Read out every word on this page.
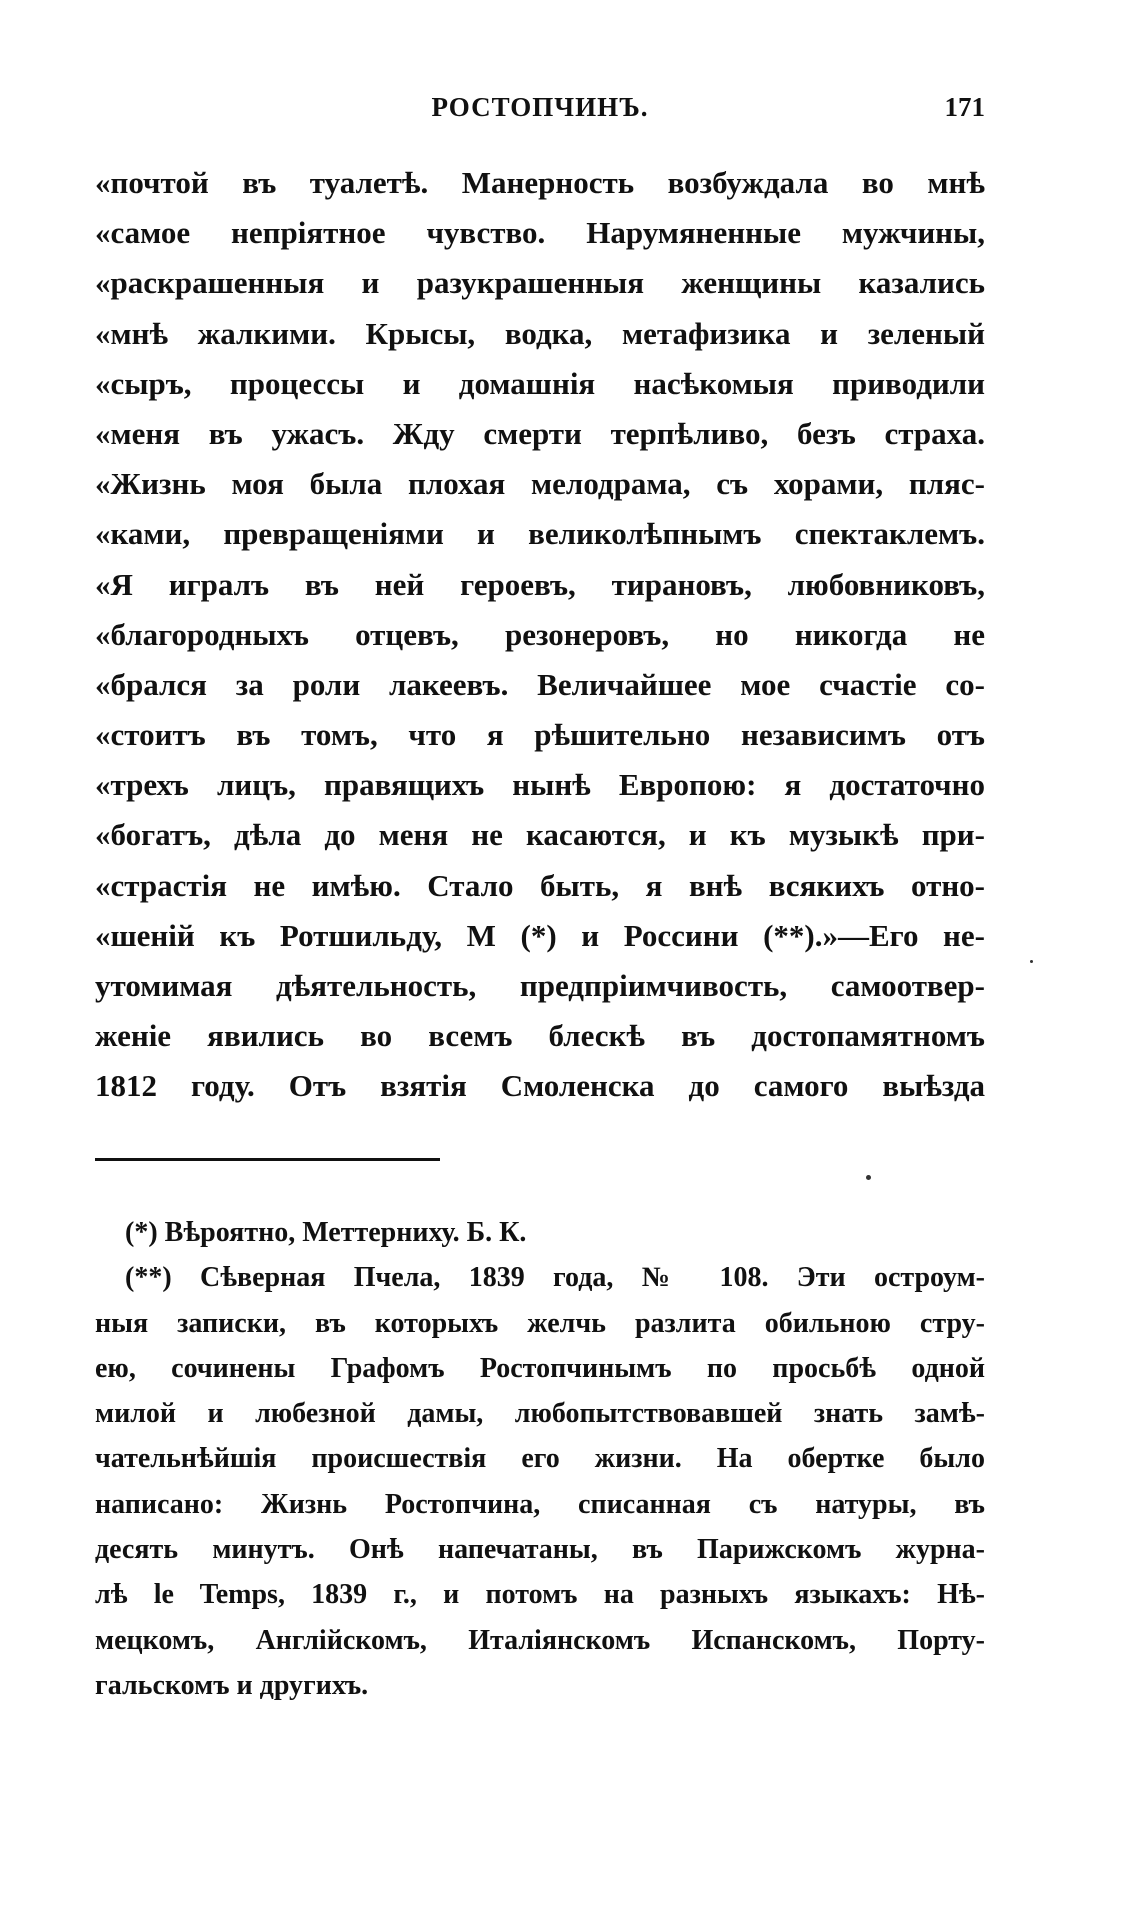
РОСТОПЧИНЪ.	171
«почтой въ туалетѣ. Манерность возбуждала во мнѣ
«самое непріятное чувство. Нарумяненные мужчины,
«раскрашенныя и разукрашенныя женщины казались
«мнѣ жалкими. Крысы, водка, метафизика и зеленый
«сыръ, процессы и домашнія насѣкомыя приводили
«меня въ ужасъ. Жду смерти терпѣливо, безъ страха.
«Жизнь моя была плохая мелодрама, съ хорами, пляс-
«ками, превращеніями и великолѣпнымъ спектаклемъ.
«Я игралъ въ ней героевъ, тирановъ, любовниковъ,
«благородныхъ отцевъ, резонеровъ, но никогда не
«брался за роли лакеевъ. Величайшее мое счастіе со-
«стоитъ въ томъ, что я рѣшительно независимъ отъ
«трехъ лицъ, правящихъ нынѣ Европою: я достаточно
«богатъ, дѣла до меня не касаются, и къ музыкѣ при-
«страстія не имѣю. Стало быть, я внѣ всякихъ отно-
«шеній къ Ротшильду, М (*) и Россини (**).»—Его не-
утомимая дѣятельность, предпріимчивость, самоотвер-
женіе явились во всемъ блескѣ въ достопамятномъ
1812 году. Отъ взятія Смоленска до самого выѣзда
(*) Вѣроятно, Меттерниху. Б. К.
(**) Сѣверная Пчела, 1839 года, № 108. Эти остроум-
ныя записки, въ которыхъ желчь разлита обильною стру-
ею, сочинены Графомъ Ростопчинымъ по просьбѣ одной
милой и любезной дамы, любопытствовавшей знать замѣ-
чательнѣйшія происшествія его жизни. На обертке было
написано: Жизнь Ростопчина, списанная съ натуры, въ
десять минутъ. Онѣ напечатаны, въ Парижскомъ журна-
лѣ le Temps, 1839 г., и потомъ на разныхъ языкахъ: Нѣ-
мецкомъ, Англійскомъ, Италіянскомъ Испанскомъ, Порту-
гальскомъ и другихъ.
